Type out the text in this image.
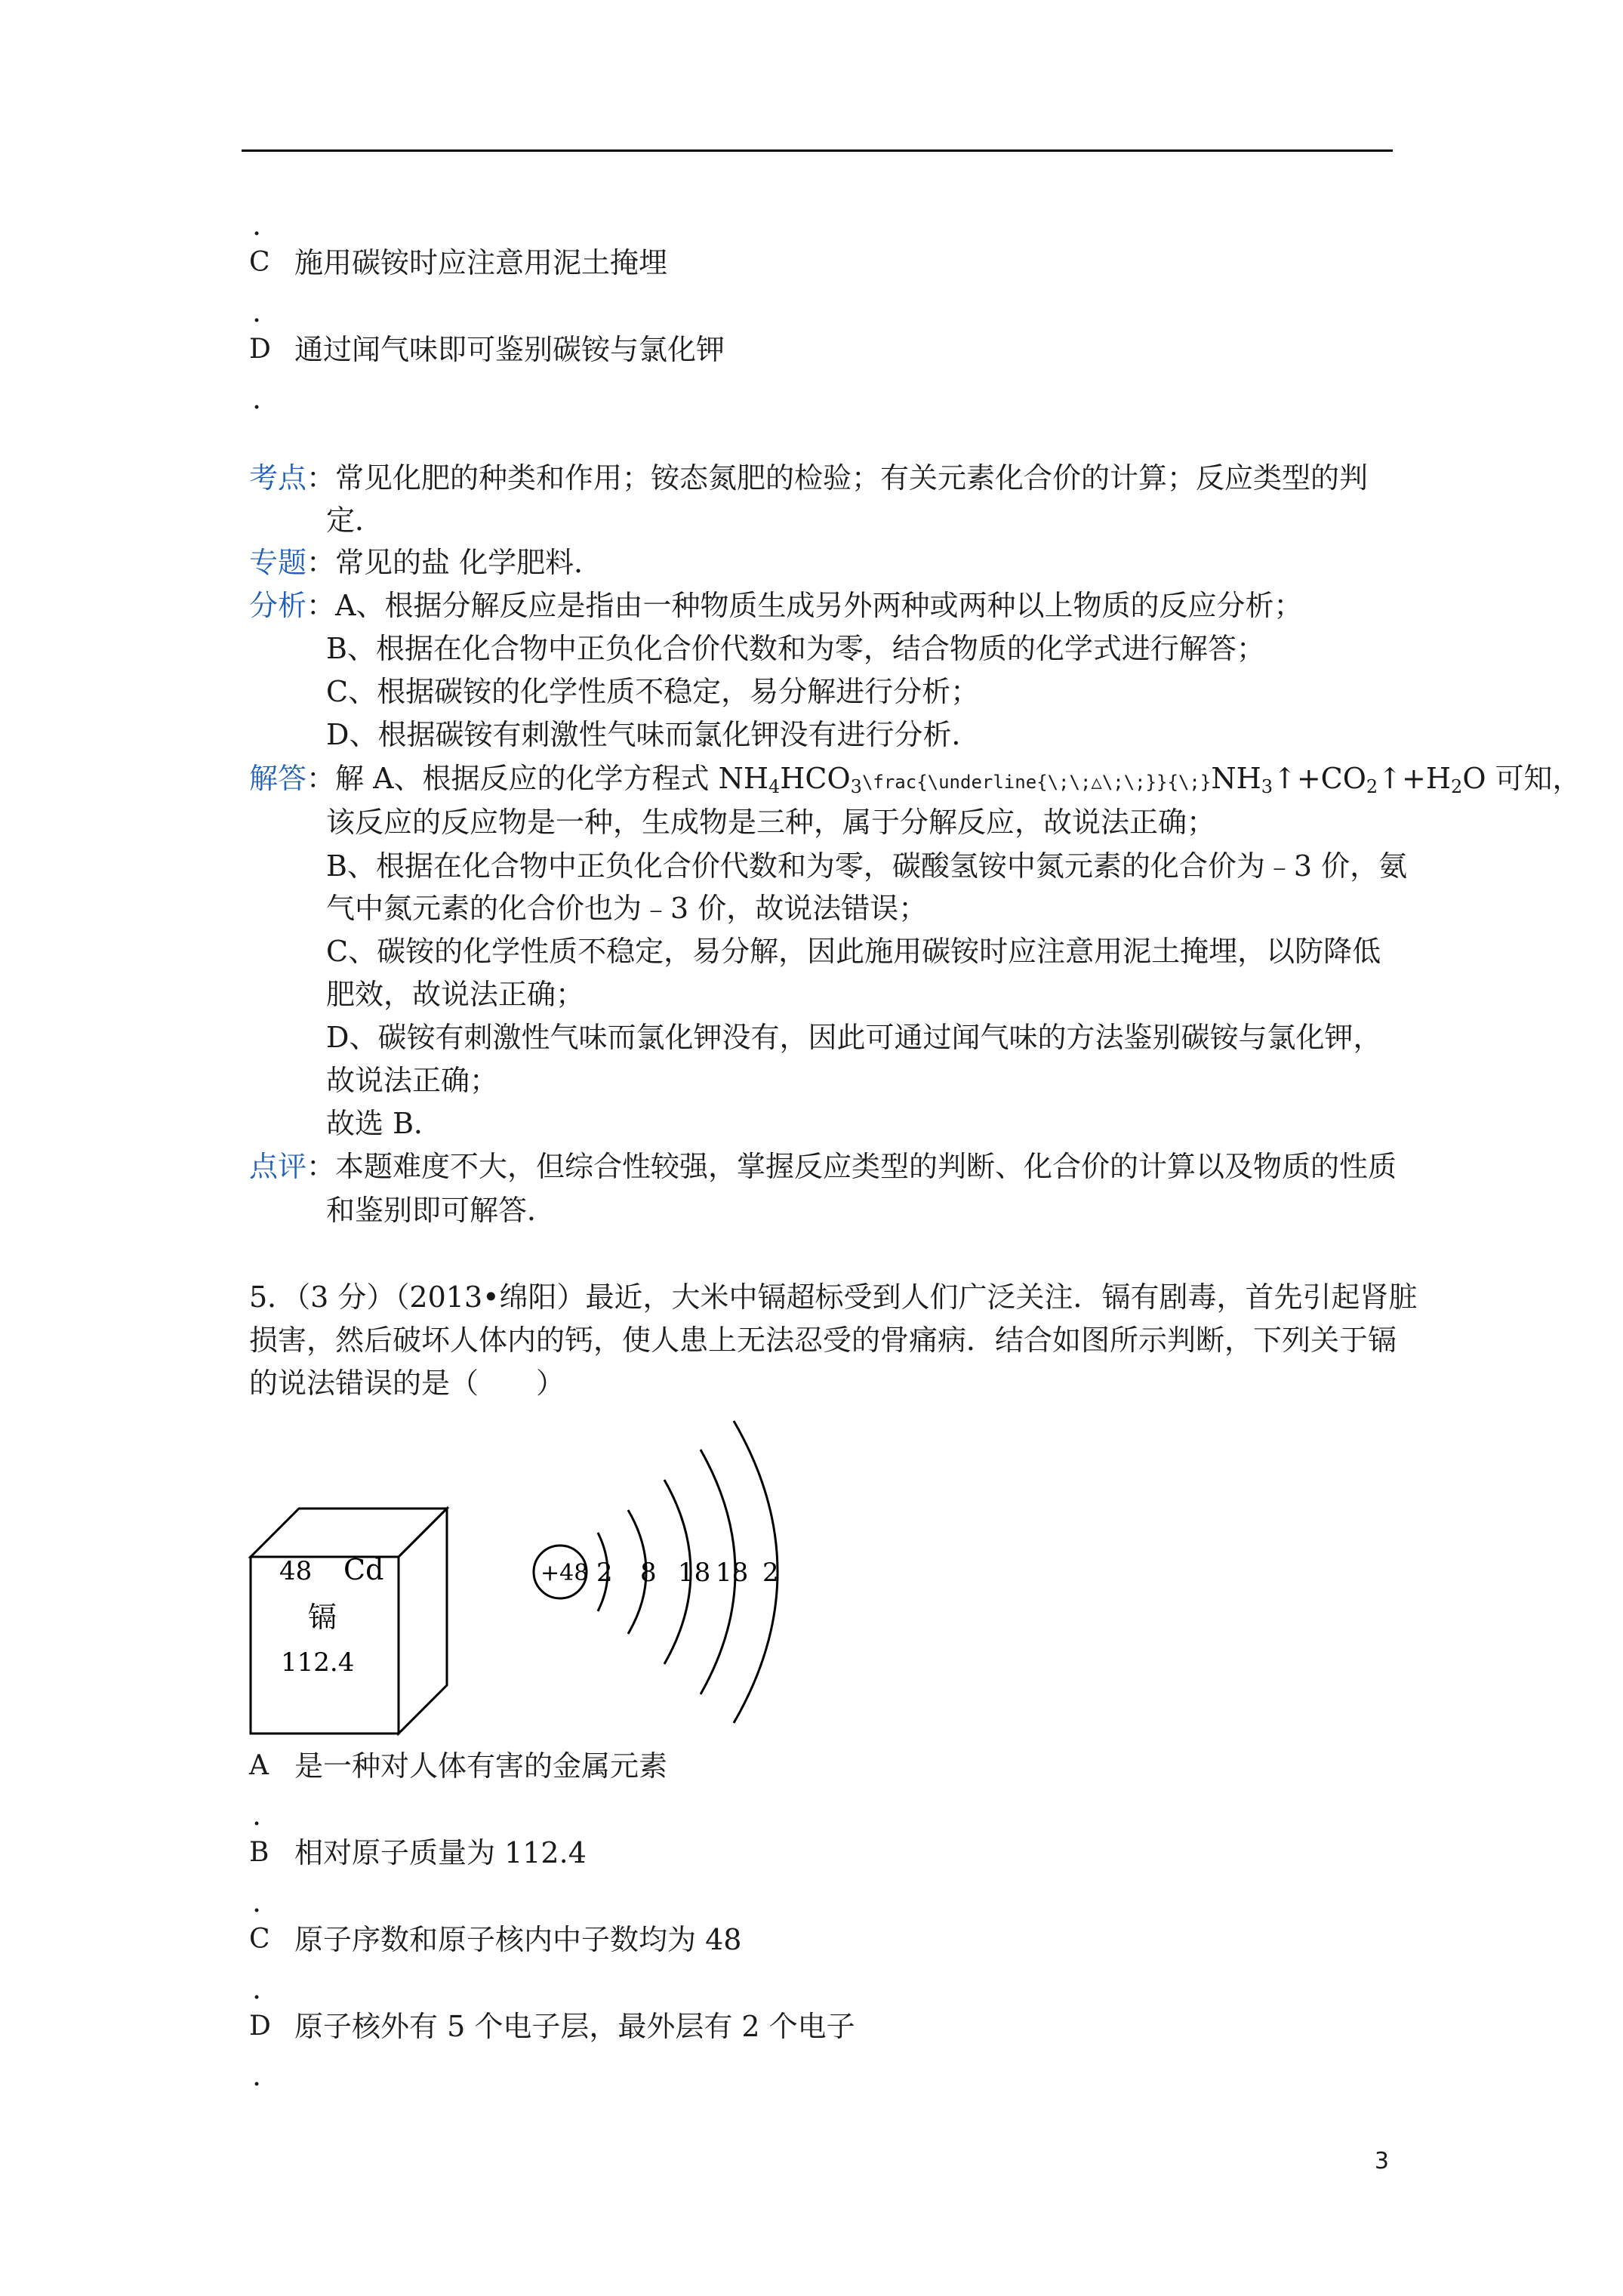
.
C 施用碳铵时应注意用泥土掩埋
.
D 通过闻气味即可鉴别碳铵与氯化钾
.
考点：常见化肥的种类和作用；铵态氮肥的检验；有关元素化合价的计算；反应类型的判
定．
专题：常见的盐 化学肥料．
分析：A、根据分解反应是指由一种物质生成另外两种或两种以上物质的反应分析；
B、根据在化合物中正负化合价代数和为零，结合物质的化学式进行解答；
C、根据碳铵的化学性质不稳定，易分解进行分析；
D、根据碳铵有刺激性气味而氯化钾没有进行分析．
解答：解 A、根据反应的化学方程式 $NH_4HCO_3\backslash frac\{\backslash underline\{\backslash;\backslash;\triangle\backslash;\backslash;\}\}\{\backslash;\}NH_3↑+CO_2↑+H_2O$ 可知，
该反应的反应物是一种，生成物是三种，属于分解反应，故说法正确；
B、根据在化合物中正负化合价代数和为零，碳酸氢铵中氮元素的化合价为﹣3 价，氨
气中氮元素的化合价也为﹣3 价，故说法错误；
C、碳铵的化学性质不稳定，易分解，因此施用碳铵时应注意用泥土掩埋，以防降低
肥效，故说法正确；
D、碳铵有刺激性气味而氯化钾没有，因此可通过闻气味的方法鉴别碳铵与氯化钾，
故说法正确；
故选 B．
点评：本题难度不大，但综合性较强，掌握反应类型的判断、化合价的计算以及物质的性质
和鉴别即可解答．
5．（3 分）（2013•绵阳）最近，大米中镉超标受到人们广泛关注．镉有剧毒，首先引起肾脏
损害，然后破坏人体内的钙，使人患上无法忍受的骨痛病．结合如图所示判断，下列关于镉
的说法错误的是（　　）
48 Cd
镉
112.4
+48 2 8 18 18 2
A 是一种对人体有害的金属元素
.
B 相对原子质量为 112.4
.
C 原子序数和原子核内中子数均为 48
.
D 原子核外有 5 个电子层，最外层有 2 个电子
.
3
